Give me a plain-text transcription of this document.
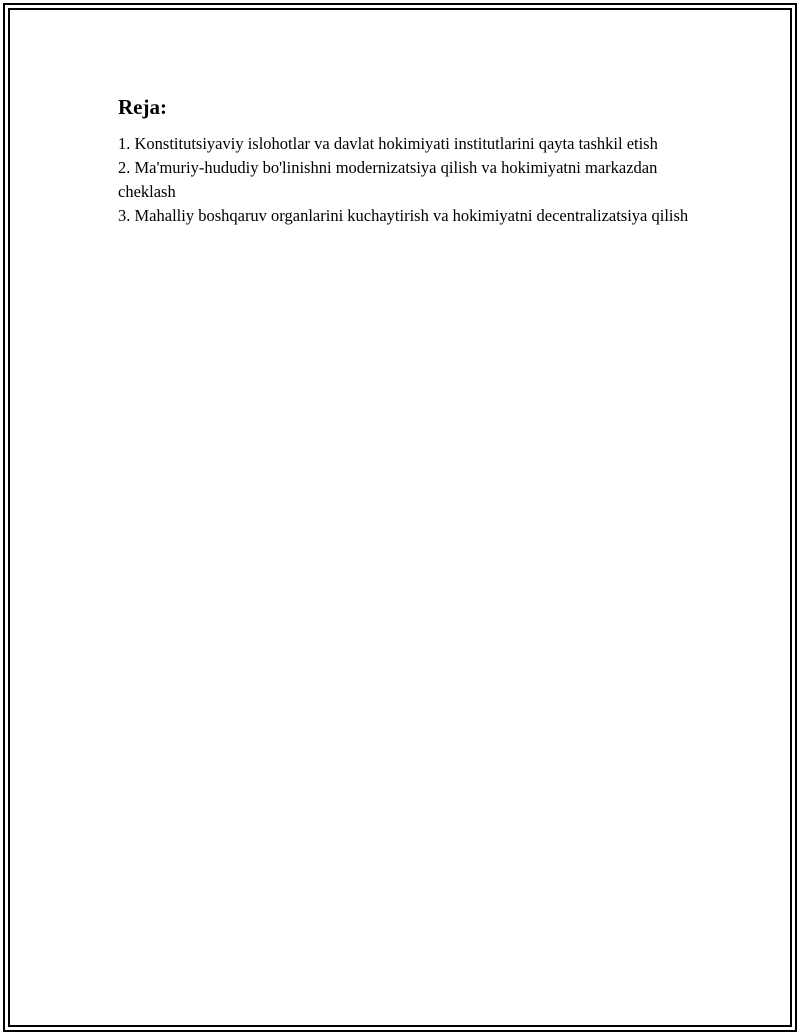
Reja:
1. Konstitutsiyaviy islohotlar va davlat hokimiyati institutlarini qayta tashkil etish
2. Ma'muriy-hududiy bo'linishni modernizatsiya qilish va hokimiyatni markazdan cheklash
3. Mahalliy boshqaruv organlarini kuchaytirish va hokimiyatni decentralizatsiya qilish
